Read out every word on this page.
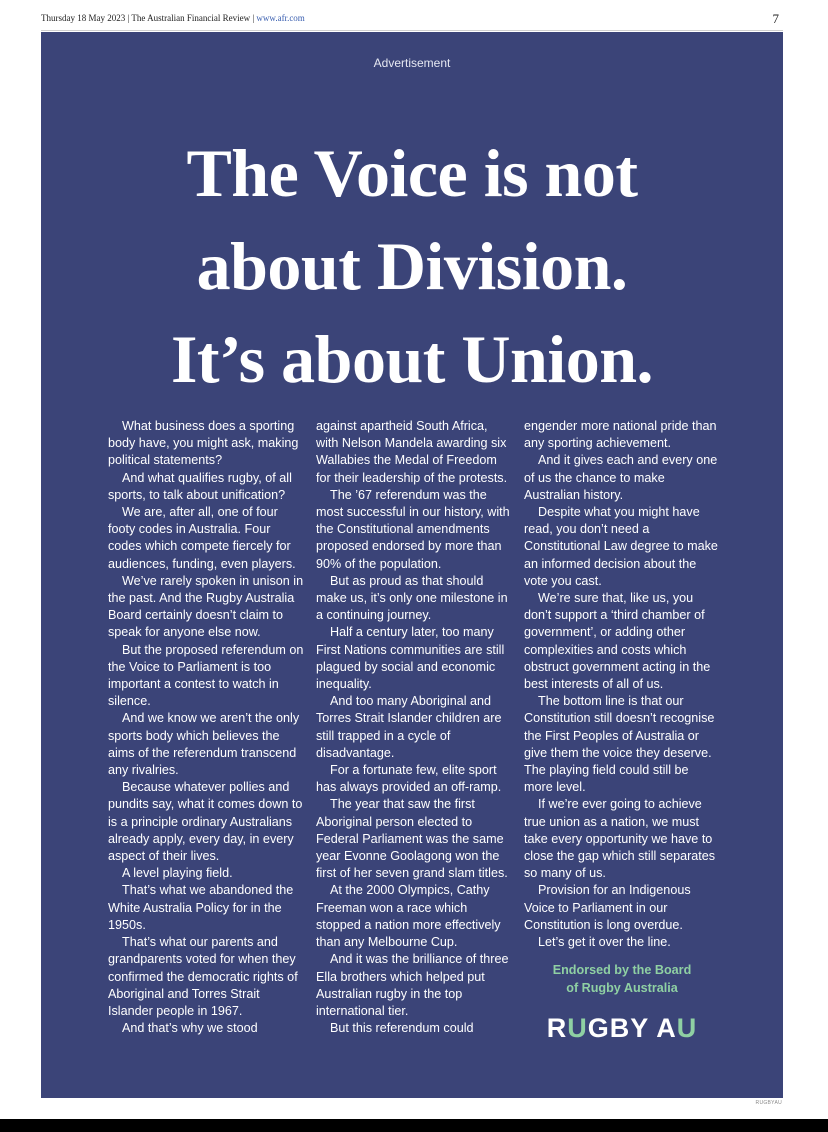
Thursday 18 May 2023 | The Australian Financial Review | www.afr.com	7
Advertisement
The Voice is not
about Division.
It’s about Union.

What business does a sporting body have, you might ask, making political statements?

And what qualifies rugby, of all sports, to talk about unification?

We are, after all, one of four footy codes in Australia. Four codes which compete fiercely for audiences, funding, even players.

We’ve rarely spoken in unison in the past. And the Rugby Australia Board certainly doesn’t claim to speak for anyone else now.

But the proposed referendum on the Voice to Parliament is too important a contest to watch in silence.

And we know we aren’t the only sports body which believes the aims of the referendum transcend any rivalries.

Because whatever pollies and pundits say, what it comes down to is a principle ordinary Australians already apply, every day, in every aspect of their lives.

A level playing field.

That’s what we abandoned the White Australia Policy for in the 1950s.

That’s what our parents and grandparents voted for when they confirmed the democratic rights of Aboriginal and Torres Strait Islander people in 1967.

And that’s why we stood

against apartheid South Africa, with Nelson Mandela awarding six Wallabies the Medal of Freedom for their leadership of the protests.

The ’67 referendum was the most successful in our history, with the Constitutional amendments proposed endorsed by more than 90% of the population.

But as proud as that should make us, it’s only one milestone in a continuing journey.

Half a century later, too many First Nations communities are still plagued by social and economic inequality.

And too many Aboriginal and Torres Strait Islander children are still trapped in a cycle of disadvantage.

For a fortunate few, elite sport has always provided an off-ramp.

The year that saw the first Aboriginal person elected to Federal Parliament was the same year Evonne Goolagong won the first of her seven grand slam titles.

At the 2000 Olympics, Cathy Freeman won a race which stopped a nation more effectively than any Melbourne Cup.

And it was the brilliance of three Ella brothers which helped put Australian rugby in the top international tier.

But this referendum could

engender more national pride than any sporting achievement.

And it gives each and every one of us the chance to make Australian history.

Despite what you might have read, you don’t need a Constitutional Law degree to make an informed decision about the vote you cast.

We’re sure that, like us, you don’t support a ‘third chamber of government’, or adding other complexities and costs which obstruct government acting in the best interests of all of us.

The bottom line is that our Constitution still doesn’t recognise the First Peoples of Australia or give them the voice they deserve. The playing field could still be more level.

If we’re ever going to achieve true union as a nation, we must take every opportunity we have to close the gap which still separates so many of us.

Provision for an Indigenous Voice to Parliament in our Constitution is long overdue.

Let’s get it over the line.

Endorsed by the Board
of Rugby Australia
RUGBY AU
RUGBYAU
